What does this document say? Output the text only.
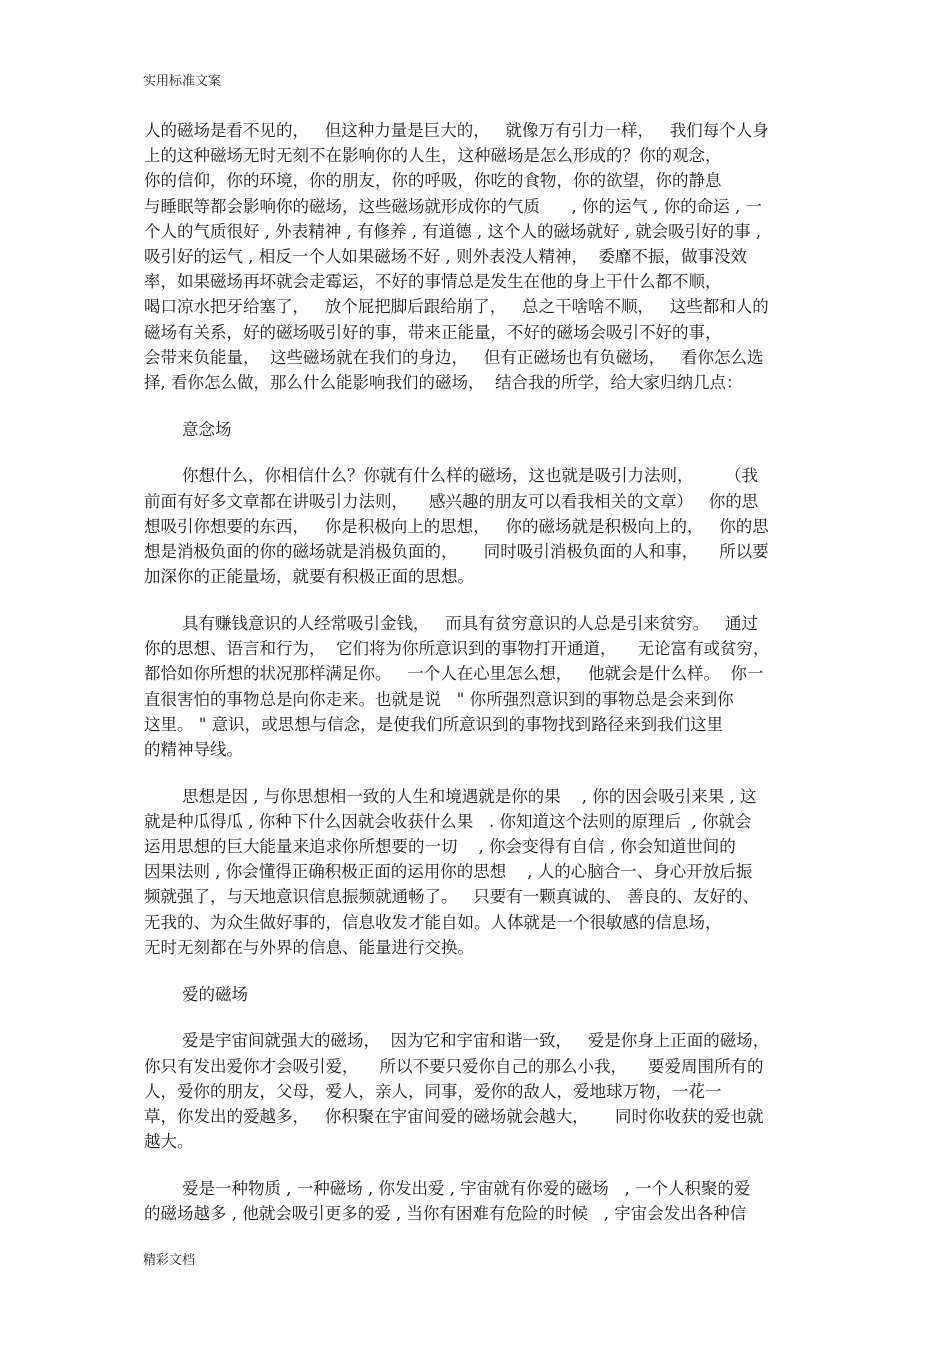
实用标准文案
人的磁场是看不见的，   但这种力量是巨大的，   就像万有引力一样，   我们每个人身
上的这种磁场无时无刻不在影响你的人生，这种磁场是怎么形成的？你的观念，
你的信仰，你的环境，你的朋友，你的呼吸，你吃的食物，你的欲望，你的静息
与睡眠等都会影响你的磁场，这些磁场就形成你的气质      , 你的运气 , 你的命运 , 一
个人的气质很好 , 外表精神 , 有修养 , 有道德 , 这个人的磁场就好 , 就会吸引好的事 ,
吸引好的运气 , 相反一个人如果磁场不好 , 则外表没人精神，  委靡不振，做事没效
率，如果磁场再坏就会走霉运，不好的事情总是发生在他的身上干什么都不顺，
喝口凉水把牙给塞了，   放个屁把脚后跟给崩了，   总之干啥啥不顺，   这些都和人的
磁场有关系，好的磁场吸引好的事，带来正能量，不好的磁场会吸引不好的事，
会带来负能量，  这些磁场就在我们的身边，   但有正磁场也有负磁场，   看你怎么选
择, 看你怎么做，那么什么能影响我们的磁场，  结合我的所学，给大家归纳几点：
意念场
你想什么，你相信什么？你就有什么样的磁场，这也就是吸引力法则，      （我
前面有好多文章都在讲吸引力法则，    感兴趣的朋友可以看我相关的文章）   你的思
想吸引你想要的东西，   你是积极向上的思想，   你的磁场就是积极向上的，   你的思
想是消极负面的你的磁场就是消极负面的，     同时吸引消极负面的人和事，    所以要
加深你的正能量场，就要有积极正面的思想。
具有赚钱意识的人经常吸引金钱，   而具有贫穷意识的人总是引来贫穷。   通过
你的思想、语言和行为，  它们将为你所意识到的事物打开通道，    无论富有或贫穷，
都恰如你所想的状况那样满足你。   一个人在心里怎么想，   他就会是什么样。  你一
直很害怕的事物总是向你走来。也就是说   " 你所强烈意识到的事物总是会来到你
这里。 " 意识，或思想与信念，是使我们所意识到的事物找到路径来到我们这里
的精神导线。
思想是因 , 与你思想相一致的人生和境遇就是你的果    , 你的因会吸引来果 , 这
就是种瓜得瓜 , 你种下什么因就会收获什么果   . 你知道这个法则的原理后  , 你就会
运用思想的巨大能量来追求你所想要的一切    , 你会变得有自信 , 你会知道世间的
因果法则 , 你会懂得正确积极正面的运用你的思想    , 人的心脑合一、身心开放后振
频就强了，与天地意识信息振频就通畅了。   只要有一颗真诚的、 善良的、友好的、
无我的、为众生做好事的，信息收发才能自如。人体就是一个很敏感的信息场，
无时无刻都在与外界的信息、能量进行交换。
爱的磁场
爱是宇宙间就强大的磁场，  因为它和宇宙和谐一致，   爱是你身上正面的磁场，
你只有发出爱你才会吸引爱，    所以不要只爱你自己的那么小我，    要爱周围所有的
人，爱你的朋友，父母，爱人，亲人，同事，爱你的敌人，爱地球万物，一花一
草，你发出的爱越多，   你积聚在宇宙间爱的磁场就会越大，     同时你收获的爱也就
越大。
爱是一种物质 , 一种磁场 , 你发出爱 , 宇宙就有你爱的磁场   , 一个人积聚的爱
的磁场越多 , 他就会吸引更多的爱 , 当你有困难有危险的时候   , 宇宙会发出各种信
精彩文档
